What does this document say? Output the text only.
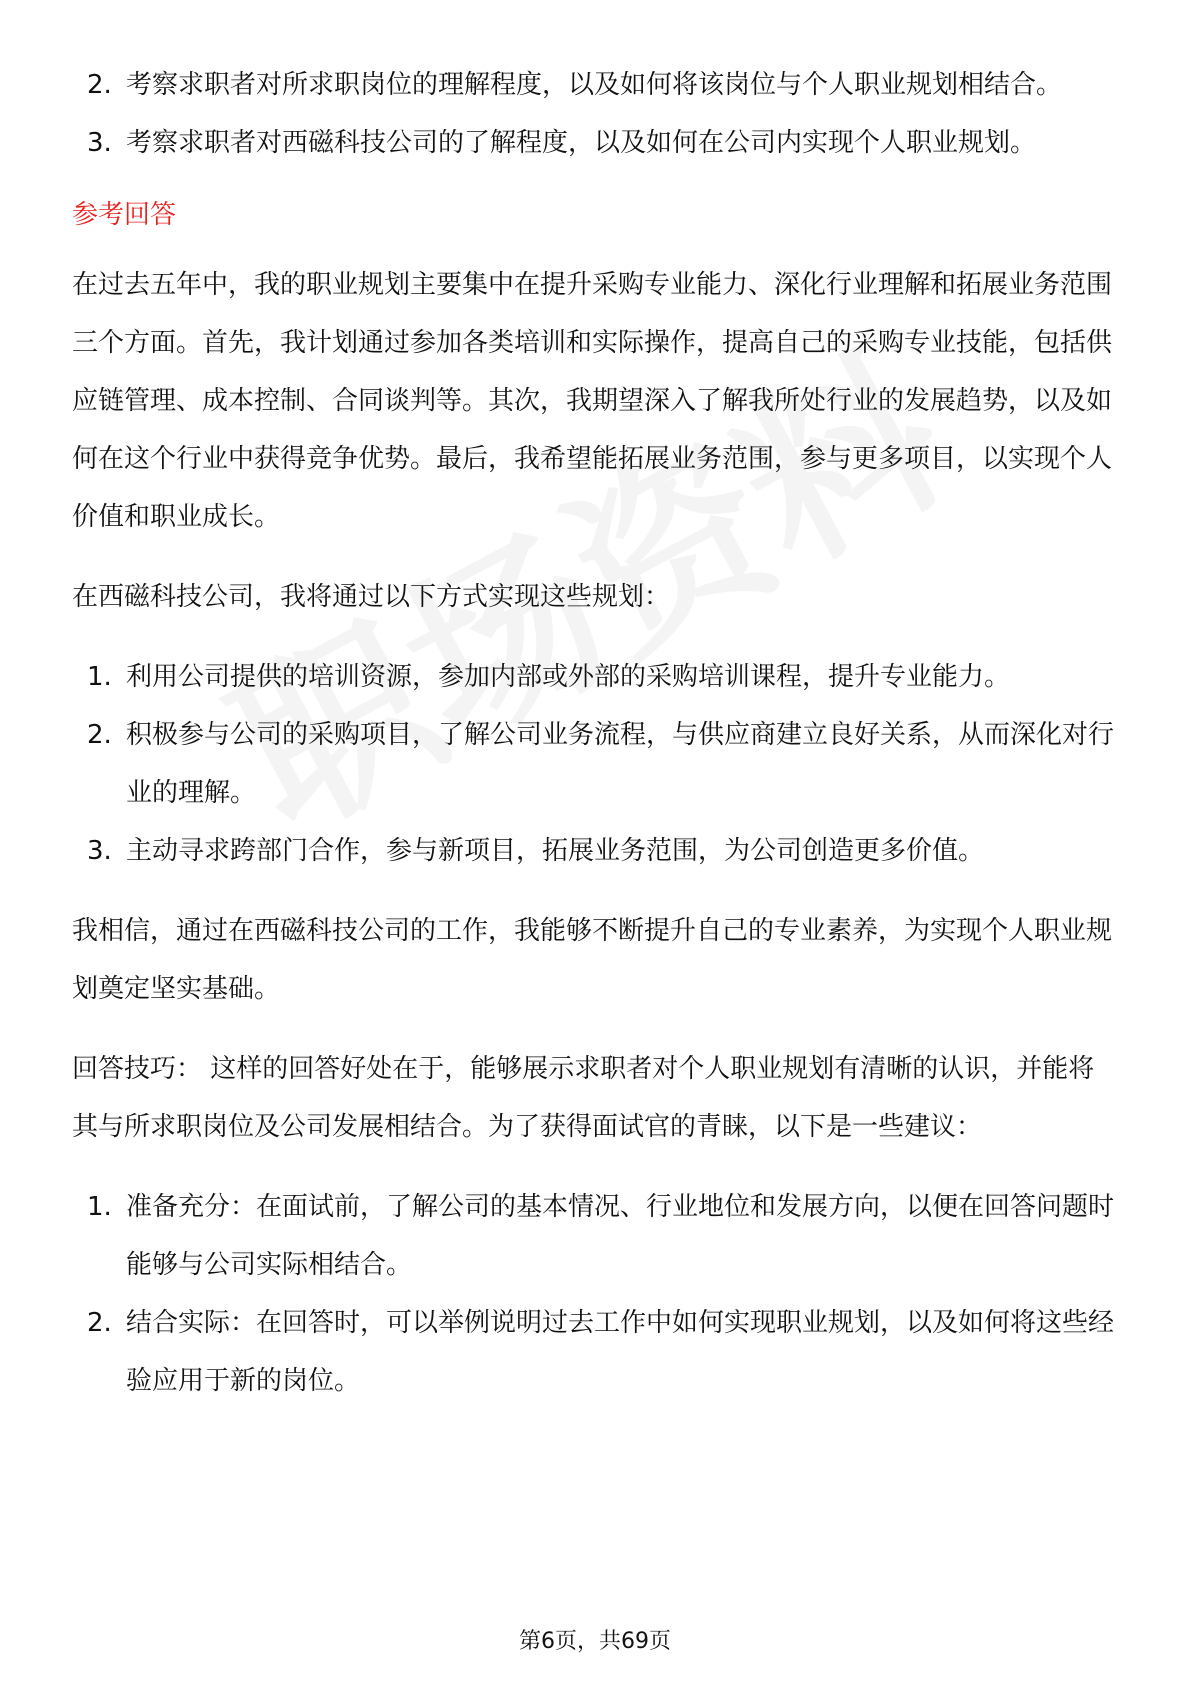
2. 考察求职者对所求职岗位的理解程度，以及如何将该岗位与个人职业规划相结合。
3. 考察求职者对西磁科技公司的了解程度，以及如何在公司内实现个人职业规划。
参考回答

在过去五年中，我的职业规划主要集中在提升采购专业能力、深化行业理解和拓展业务范围三个方面。首先，我计划通过参加各类培训和实际操作，提高自己的采购专业技能，包括供应链管理、成本控制、合同谈判等。其次，我期望深入了解我所处行业的发展趋势，以及如何在这个行业中获得竞争优势。最后，我希望能拓展业务范围，参与更多项目，以实现个人价值和职业成长。

在西磁科技公司，我将通过以下方式实现这些规划：

1. 利用公司提供的培训资源，参加内部或外部的采购培训课程，提升专业能力。
2. 积极参与公司的采购项目，了解公司业务流程，与供应商建立良好关系，从而深化对行业的理解。
3. 主动寻求跨部门合作，参与新项目，拓展业务范围，为公司创造更多价值。

我相信，通过在西磁科技公司的工作，我能够不断提升自己的专业素养，为实现个人职业规划奠定坚实基础。

回答技巧： 这样的回答好处在于，能够展示求职者对个人职业规划有清晰的认识，并能将其与所求职岗位及公司发展相结合。为了获得面试官的青睐，以下是一些建议：

1. 准备充分：在面试前，了解公司的基本情况、行业地位和发展方向，以便在回答问题时能够与公司实际相结合。
2. 结合实际：在回答时，可以举例说明过去工作中如何实现职业规划，以及如何将这些经验应用于新的岗位。
第6页，共69页
